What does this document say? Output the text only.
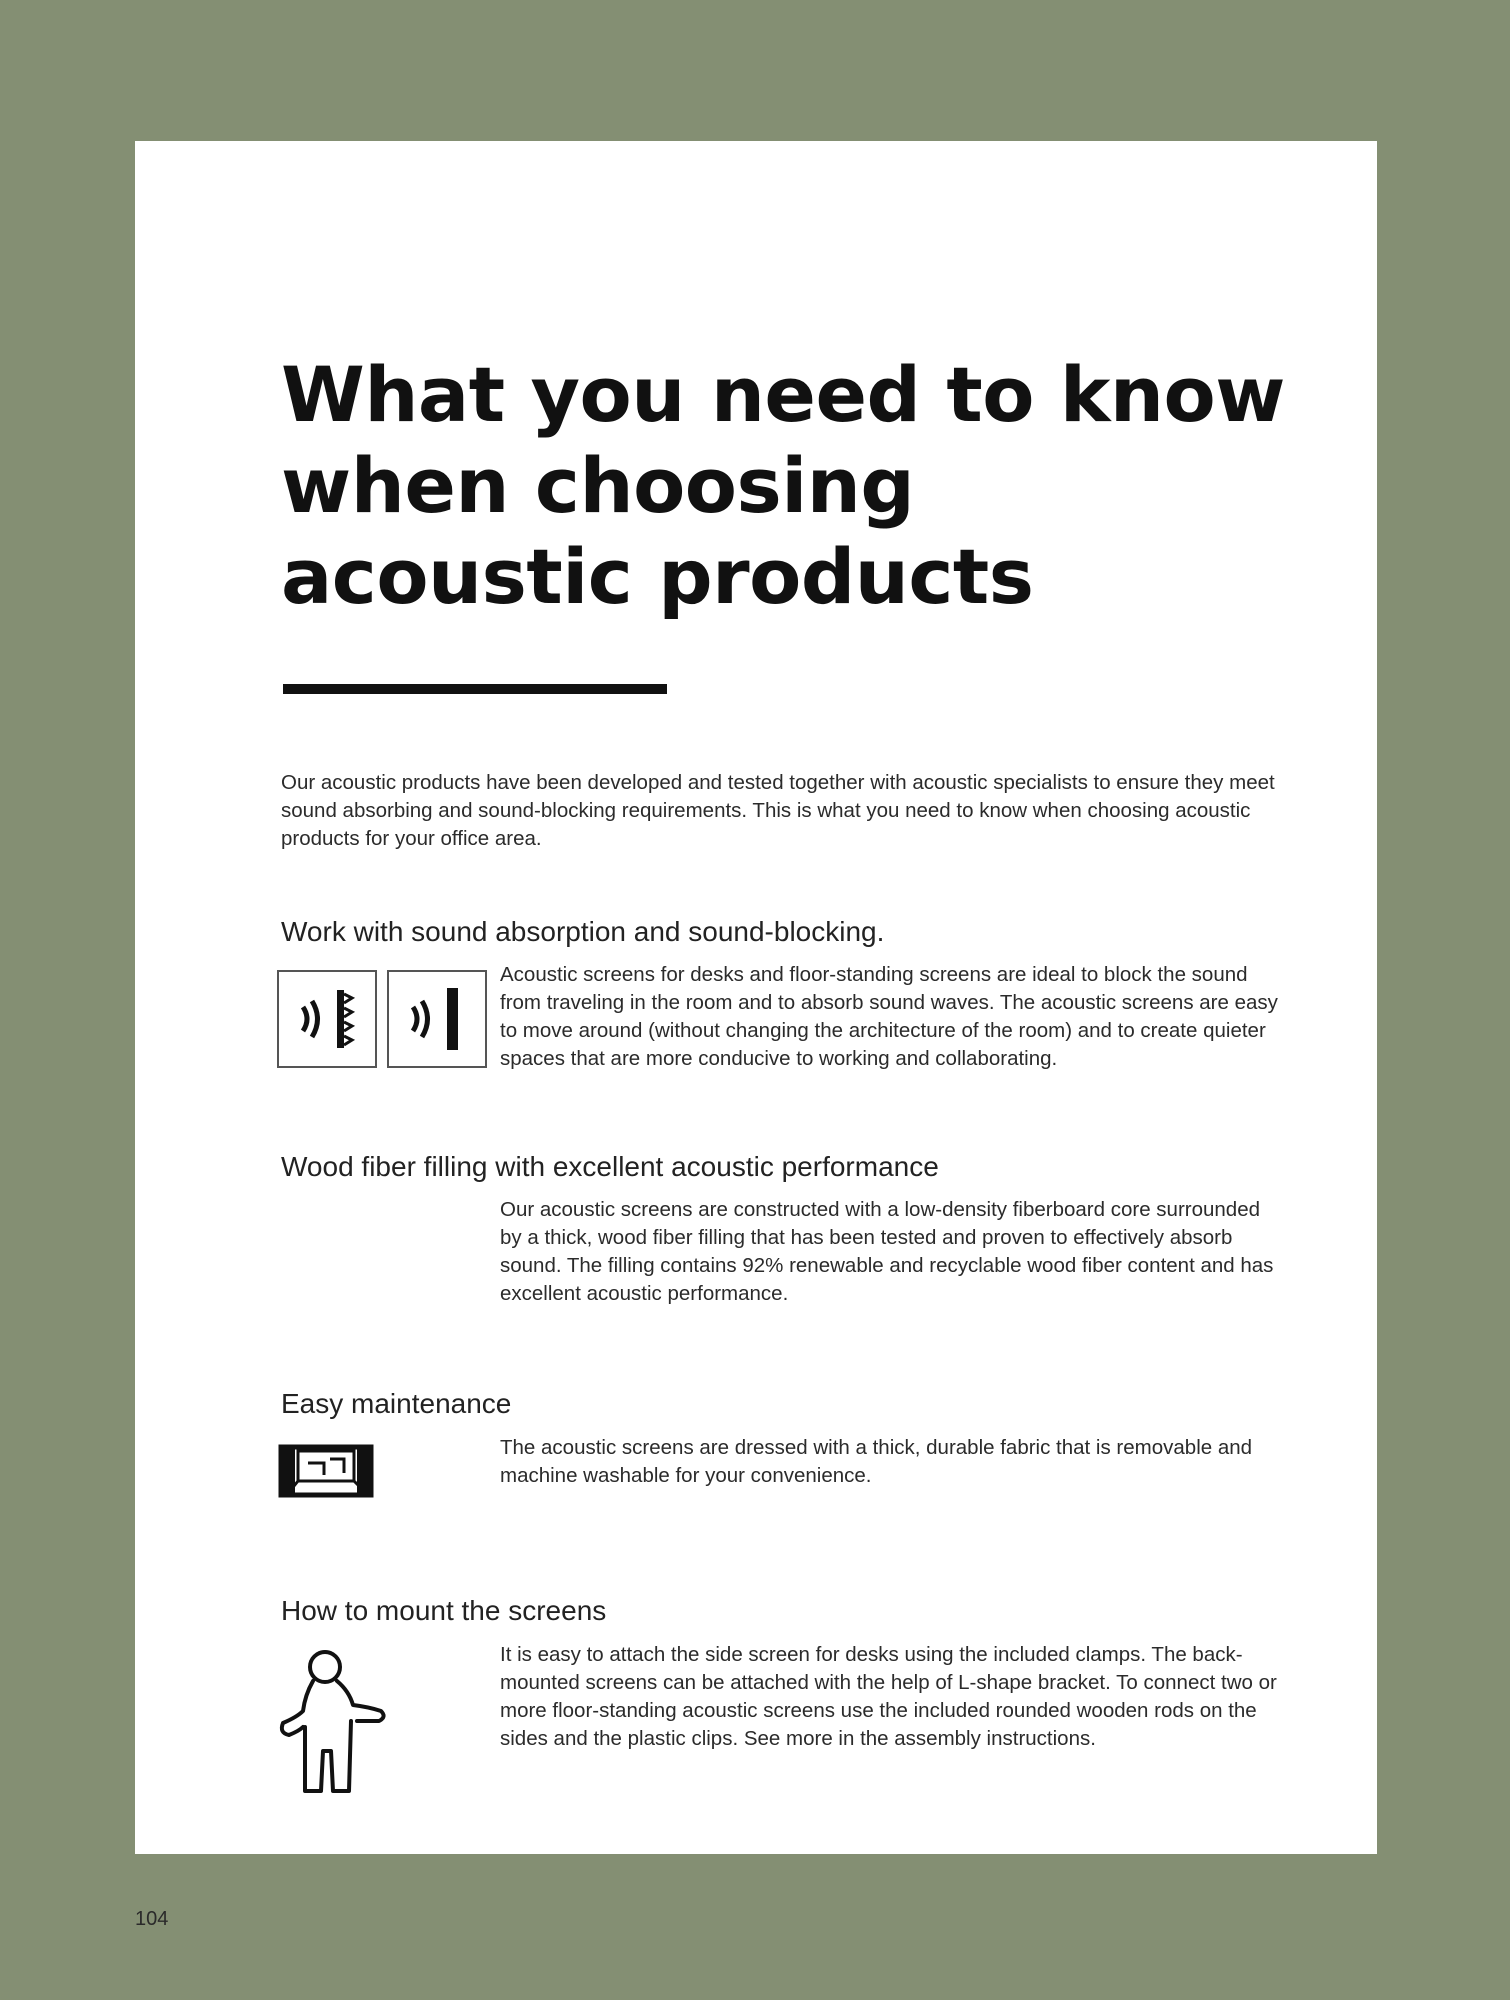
What you need to know
when choosing
acoustic products

Our acoustic products have been developed and tested together with acoustic specialists to ensure they meet sound absorbing and sound-blocking requirements. This is what you need to know when choosing acoustic products for your office area.

Work with sound absorption and sound-blocking.

Acoustic screens for desks and floor-standing screens are ideal to block the sound from traveling in the room and to absorb sound waves. The acoustic screens are easy to move around (without changing the architecture of the room) and to create quieter spaces that are more conducive to working and collaborating.

Wood fiber filling with excellent acoustic performance

Our acoustic screens are constructed with a low-density fiberboard core surrounded by a thick, wood fiber filling that has been tested and proven to effectively absorb sound. The filling contains 92% renewable and recyclable wood fiber content and has excellent acoustic performance.

Easy maintenance

The acoustic screens are dressed with a thick, durable fabric that is removable and machine washable for your convenience.

How to mount the screens

It is easy to attach the side screen for desks using the included clamps. The back-mounted screens can be attached with the help of L-shape bracket. To connect two or more floor-standing acoustic screens use the included rounded wooden rods on the sides and the plastic clips. See more in the assembly instructions.

104
